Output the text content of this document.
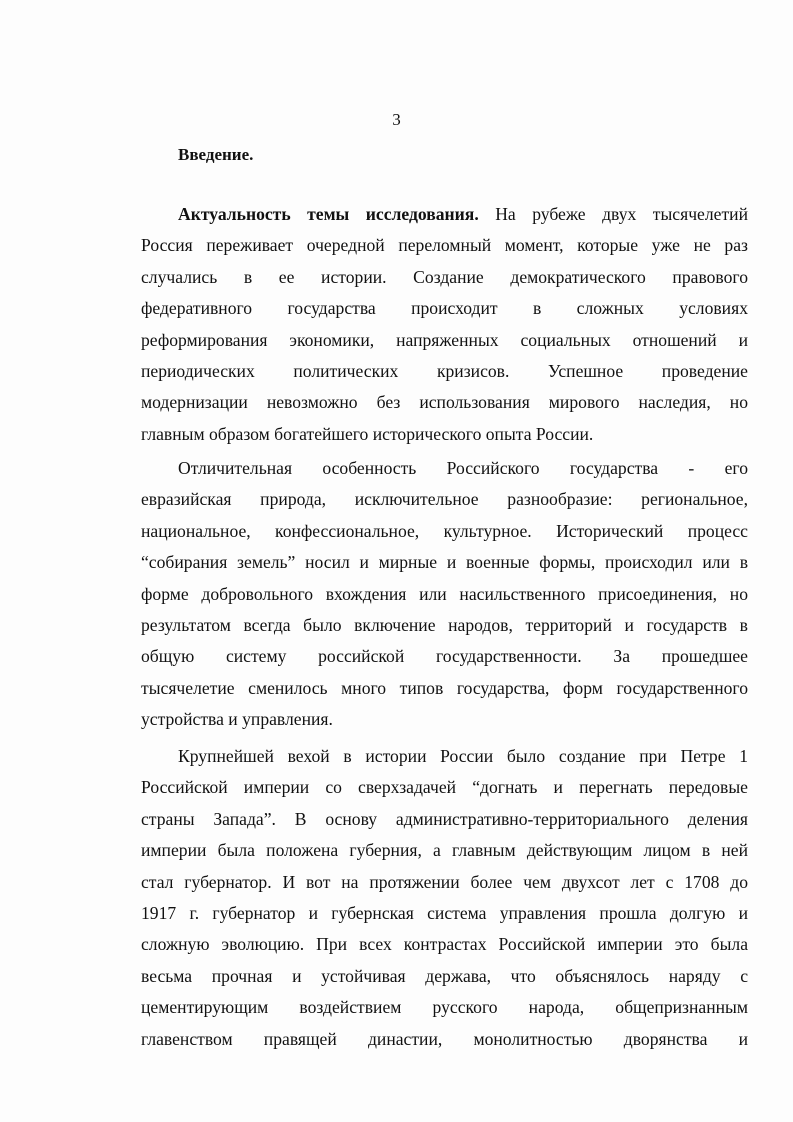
3
Введение.
Актуальность темы исследования. На рубеже двух тысячелетий
Россия переживает очередной переломный момент, которые уже не раз
случались в ее истории. Создание демократического правового
федеративного государства происходит в сложных условиях
реформирования экономики, напряженных социальных отношений и
периодических политических кризисов. Успешное проведение
модернизации невозможно без использования мирового наследия, но
главным образом богатейшего исторического опыта России.
Отличительная особенность Российского государства - его
евразийская природа, исключительное разнообразие: региональное,
национальное, конфессиональное, культурное. Исторический процесс
“собирания земель” носил и мирные и военные формы, происходил или в
форме добровольного вхождения или насильственного присоединения, но
результатом всегда было включение народов, территорий и государств в
общую систему российской государственности. За прошедшее
тысячелетие сменилось много типов государства, форм государственного
устройства и управления.
Крупнейшей вехой в истории России было создание при Петре 1
Российской империи со сверхзадачей “догнать и перегнать передовые
страны Запада”. В основу административно-территориального деления
империи была положена губерния, а главным действующим лицом в ней
стал губернатор. И вот на протяжении более чем двухсот лет с 1708 до
1917 г. губернатор и губернская система управления прошла долгую и
сложную эволюцию. При всех контрастах Российской империи это была
весьма прочная и устойчивая держава, что объяснялось наряду с
цементирующим воздействием русского народа, общепризнанным
главенством правящей династии, монолитностью дворянства и
